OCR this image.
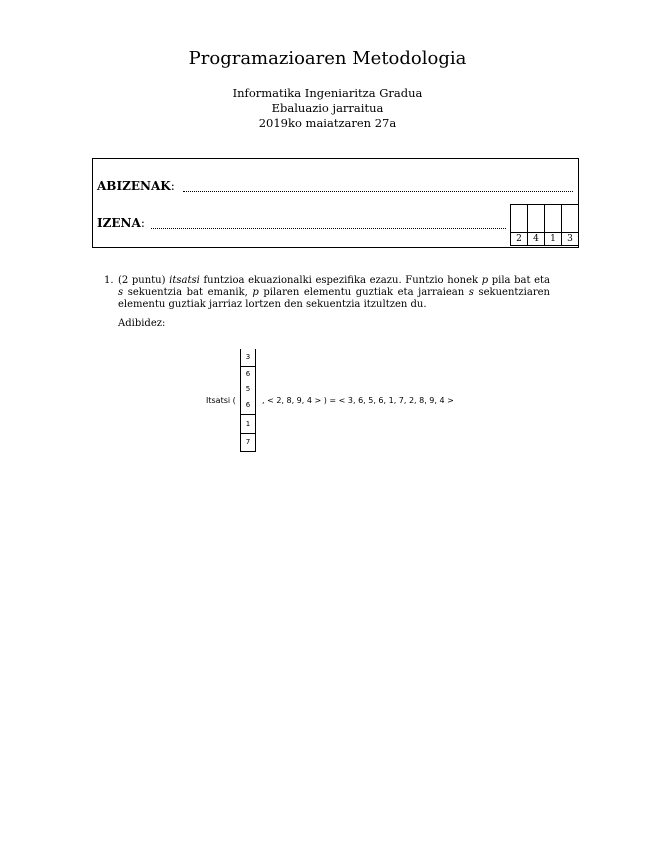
Programazioaren Metodologia
Informatika Ingeniaritza Gradua
Ebaluazio jarraitua
2019ko maiatzaren 27a
ABIZENAK:
IZENA:
2	4	1	3
1. (2 puntu) itsatsi funtzioa ekuazionalki espezifika ezazu. Funtzio honek p pila bat eta s sekuentzia bat emanik, p pilaren elementu guztiak eta jarraiean s sekuentziaren elementu guztiak jarriaz lortzen den sekuentzia itzultzen du.
Adibidez:
Itsatsi (
3
6
5
6
1
7
, < 2, 8, 9, 4 > ) = < 3, 6, 5, 6, 1, 7, 2, 8, 9, 4 >
